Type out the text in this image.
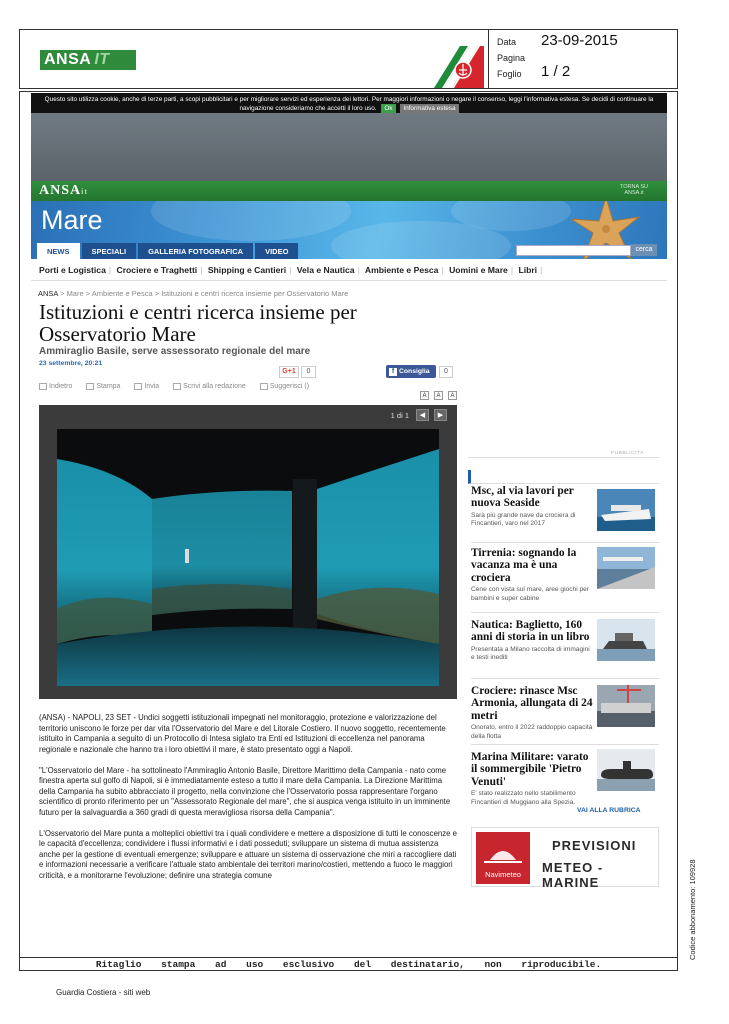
ANSA IT
Data 23-09-2015
Pagina
Foglio 1 / 2
Questo sito utilizza cookie, anche di terze parti, a scopi pubblicitari e per migliorare servizi ed esperienza dei lettori. Per maggiori informazioni o negare il consenso, leggi l'informativa estesa. Se decidi di continuare la navigazione consideriamo che accetti il loro uso. Ok Informativa estesa
ANSAit	TORNA SU ANSA.it
Mare
NEWS	SPECIALI	GALLERIA FOTOGRAFICA	VIDEO	cerca
Porti e Logistica | Crociere e Traghetti | Shipping e Cantieri | Vela e Nautica | Ambiente e Pesca | Uomini e Mare | Libri |
ANSA > Mare > Ambiente e Pesca > Istituzioni e centri ricerca insieme per Osservatorio Mare
Istituzioni e centri ricerca insieme per Osservatorio Mare
Ammiraglio Basile, serve assessorato regionale del mare
23 settembre, 20:21
G+1	0	f Consiglia	0
Indietro	Stampa	Invia	Scrivi alla redazione	Suggerisci ()
A A A
1 di 1	◀	▶

(ANSA) - NAPOLI, 23 SET - Undici soggetti istituzionali impegnati nel monitoraggio, protezione e valorizzazione del territorio uniscono le forze per dar vita l'Osservatorio del Mare e del Litorale Costiero. Il nuovo soggetto, recentemente istituito in Campania a seguito di un Protocollo di Intesa siglato tra Enti ed Istituzioni di eccellenza nel panorama regionale e nazionale che hanno tra i loro obiettivi il mare, è stato presentato oggi a Napoli.

"L'Osservatorio del Mare - ha sottolineato l'Ammiraglio Antonio Basile, Direttore Marittimo della Campania - nato come finestra aperta sul golfo di Napoli, si è immediatamente esteso a tutto il mare della Campania. La Direzione Marittima della Campania ha subito abbracciato il progetto, nella convinzione che l'Osservatorio possa rappresentare l'organo scientifico di pronto riferimento per un "Assessorato Regionale del mare", che si auspica venga istituito in un imminente futuro per la salvaguardia a 360 gradi di questa meravigliosa risorsa della Campania".

L'Osservatorio del Mare punta a molteplici obiettivi tra i quali condividere e mettere a disposizione di tutti le conoscenze e le capacità d'eccellenza; condividere i flussi informativi e i dati posseduti; sviluppare un sistema di mutua assistenza anche per la gestione di eventuali emergenze; sviluppare e attuare un sistema di osservazione che miri a raccogliere dati e informazioni necessarie a verificare l'attuale stato ambientale dei territori marino/costieri, mettendo a fuoco le maggiori criticità, e a monitorarne l'evoluzione; definire una strategia comune

PUBBLICITÀ
Msc, al via lavori per nuova Seaside
Sarà più grande nave da crociera di Fincantieri, varo nel 2017
Tirrenia: sognando la vacanza ma è una crociera
Cene con vista sul mare, aree giochi per bambini e super cabine
Nautica: Baglietto, 160 anni di storia in un libro
Presentata a Milano raccolta di immagini e testi inediti
Crociere: rinasce Msc Armonia, allungata di 24 metri
Onorato, entro il 2022 raddoppio capacità della flotta
Marina Militare: varato il sommergibile 'Pietro Venuti'
E' stato realizzato nello stabilimento Fincantieri di Muggiano alla Spezia.
VAI ALLA RUBRICA
Navimeteo
PREVISIONI
METEO - MARINE
Ritaglio stampa ad uso esclusivo del destinatario, non riproducibile.
Guardia Costiera - siti web
Codice abbonamento: 109928
